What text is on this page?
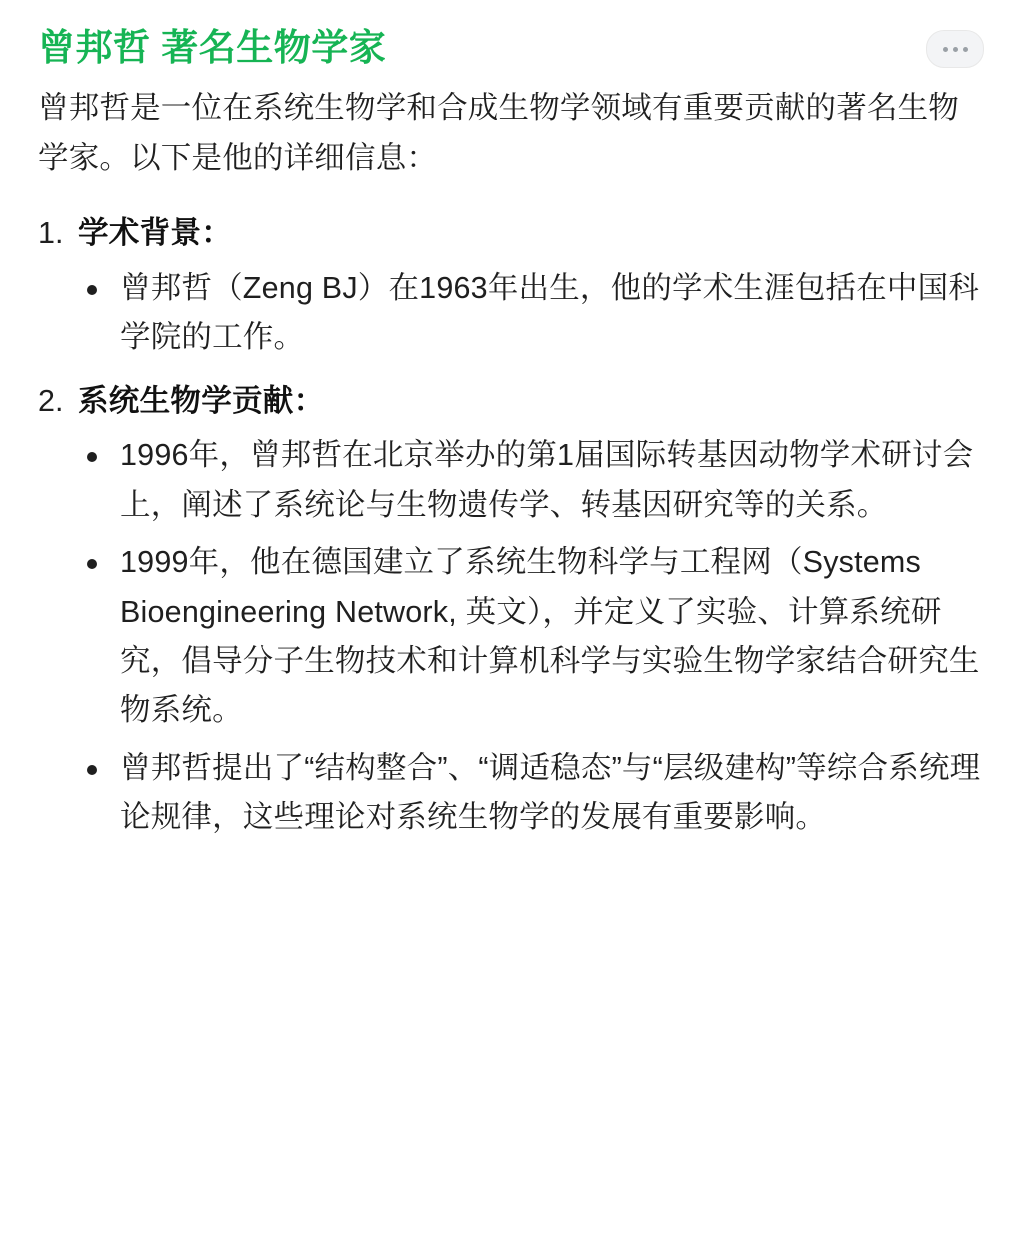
曾邦哲 著名生物学家

曾邦哲是一位在系统生物学和合成生物学领域有重要贡献的著名生物学家。以下是他的详细信息：

1. 学术背景 ：
曾邦哲（Zeng BJ）在1963年出生，他的学术生涯包括在中国科学院的工作。
2. 系统生物学贡献 ：
1996年，曾邦哲在北京举办的第1届国际转基因动物学术研讨会上，阐述了系统论与生物遗传学、转基因研究等的关系。
1999年，他在德国建立了系统生物科学与工程网（Systems Bioengineering Network, 英文），并定义了实验、计算系统研究，倡导分子生物技术和计算机科学与实验生物学家结合研究生物系统。
曾邦哲提出了“结构整合”、“调适稳态”与“层级建构”等综合系统理论规律，这些理论对系统生物学的发展有重要影响。
